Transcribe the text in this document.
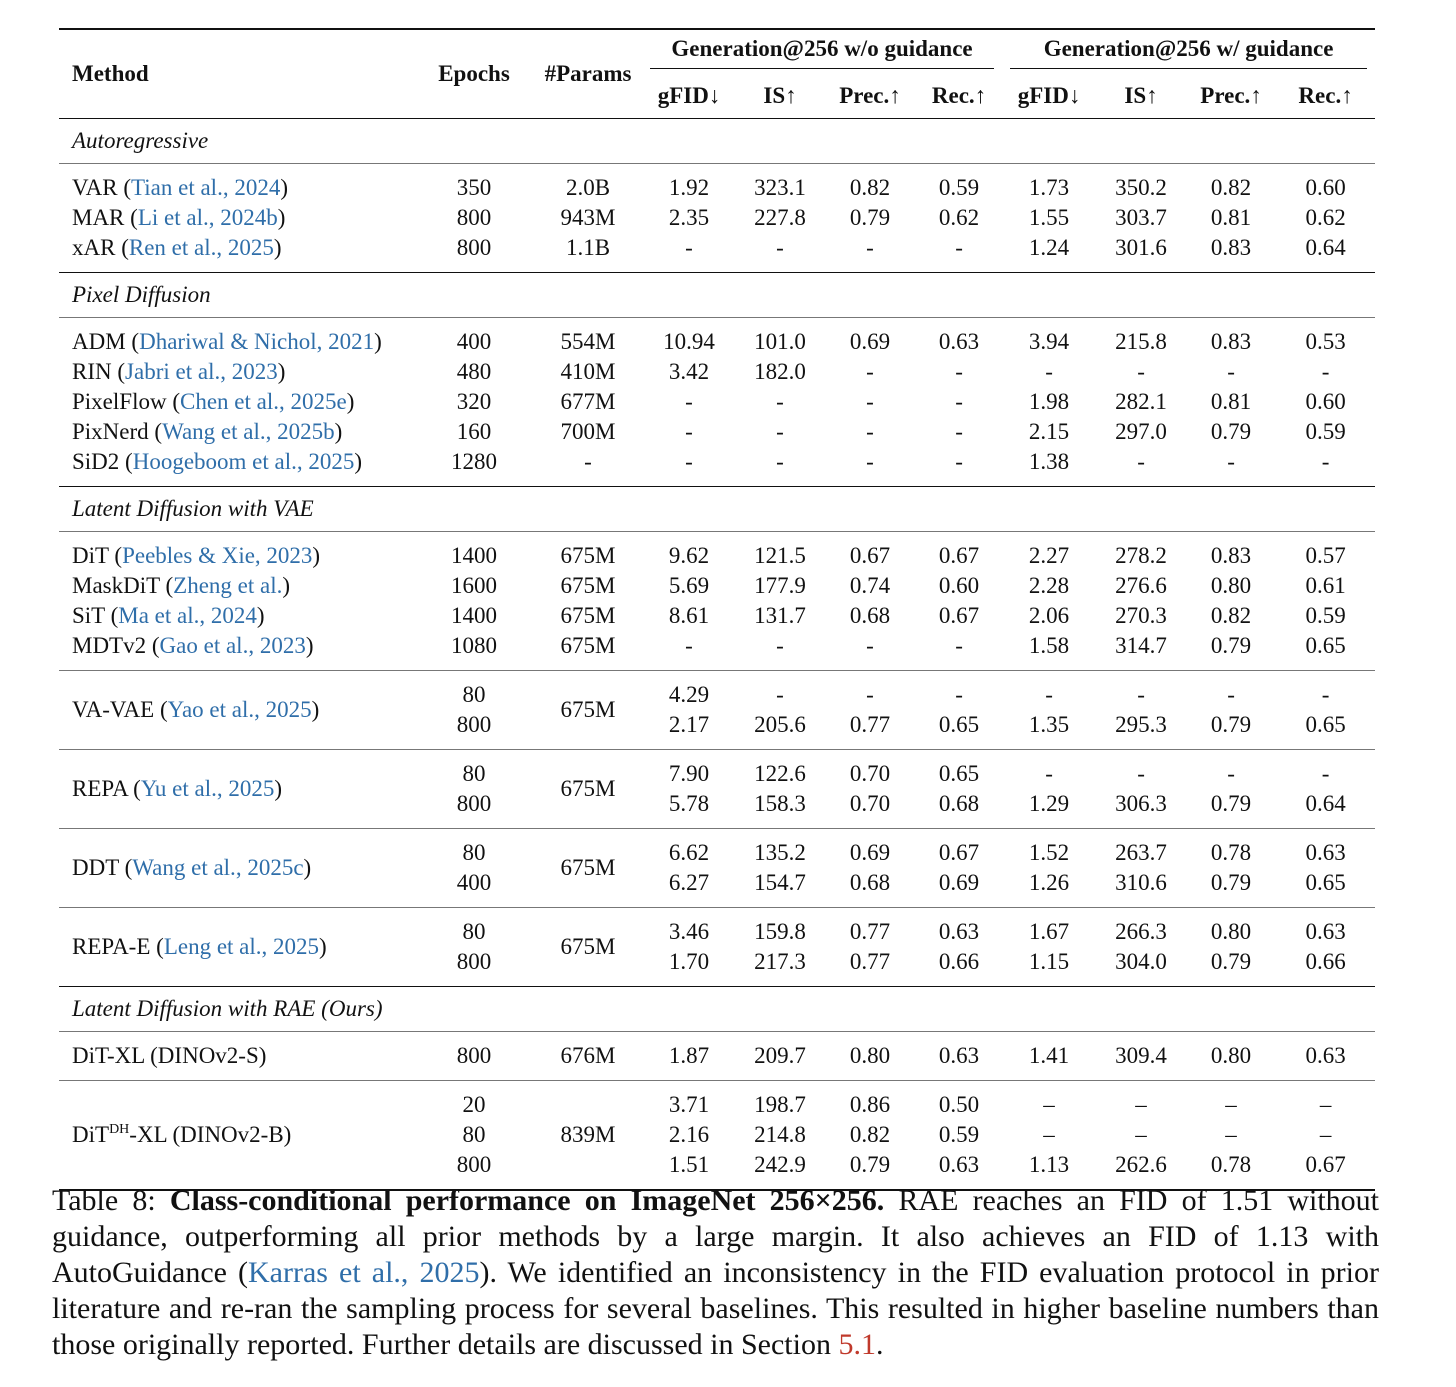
Method	Epochs	#Params	Generation@256 w/o guidance				Generation@256 w/ guidance			

			gFID↓	IS↑	Prec.↑	Rec.↑	gFID↓	IS↑	Prec.↑	Rec.↑
Autoregressive										

VAR (Tian et al., 2024)	350	2.0B	1.92	323.1	0.82	0.59	1.73	350.2	0.82	0.60
MAR (Li et al., 2024b)	800	943M	2.35	227.8	0.79	0.62	1.55	303.7	0.81	0.62
xAR (Ren et al., 2025)	800	1.1B	-	-	-	-	1.24	301.6	0.83	0.64

Pixel Diffusion										

ADM (Dhariwal & Nichol, 2021)	400	554M	10.94	101.0	0.69	0.63	3.94	215.8	0.83	0.53
RIN (Jabri et al., 2023)	480	410M	3.42	182.0	-	-	-	-	-	-
PixelFlow (Chen et al., 2025e)	320	677M	-	-	-	-	1.98	282.1	0.81	0.60
PixNerd (Wang et al., 2025b)	160	700M	-	-	-	-	2.15	297.0	0.79	0.59
SiD2 (Hoogeboom et al., 2025)	1280	-	-	-	-	-	1.38	-	-	-

Latent Diffusion with VAE										

DiT (Peebles & Xie, 2023)	1400	675M	9.62	121.5	0.67	0.67	2.27	278.2	0.83	0.57
MaskDiT (Zheng et al.)	1600	675M	5.69	177.9	0.74	0.60	2.28	276.6	0.80	0.61
SiT (Ma et al., 2024)	1400	675M	8.61	131.7	0.68	0.67	2.06	270.3	0.82	0.59
MDTv2 (Gao et al., 2023)	1080	675M	-	-	-	-	1.58	314.7	0.79	0.65

VA-VAE (Yao et al., 2025)	80	675M	4.29	-	-	-	-	-	-	-
	800		2.17	205.6	0.77	0.65	1.35	295.3	0.79	0.65

REPA (Yu et al., 2025)	80	675M	7.90	122.6	0.70	0.65	-	-	-	-
	800		5.78	158.3	0.70	0.68	1.29	306.3	0.79	0.64

DDT (Wang et al., 2025c)	80	675M	6.62	135.2	0.69	0.67	1.52	263.7	0.78	0.63
	400		6.27	154.7	0.68	0.69	1.26	310.6	0.79	0.65

REPA-E (Leng et al., 2025)	80	675M	3.46	159.8	0.77	0.63	1.67	266.3	0.80	0.63
	800		1.70	217.3	0.77	0.66	1.15	304.0	0.79	0.66

Latent Diffusion with RAE (Ours)										

DiT-XL (DINOv2-S)	800	676M	1.87	209.7	0.80	0.63	1.41	309.4	0.80	0.63

DiT$^{DH}$-XL (DINOv2-B)	20	839M	3.71	198.7	0.86	0.50	–	–	–	–
	80		2.16	214.8	0.82	0.59	–	–	–	–
	800		1.51	242.9	0.79	0.63	1.13	262.6	0.78	0.67

Table 8: Class-conditional performance on ImageNet 256×256. RAE reaches an FID of 1.51 without guidance, outperforming all prior methods by a large margin. It also achieves an FID of 1.13 with AutoGuidance (Karras et al., 2025). We identified an inconsistency in the FID evaluation protocol in prior literature and re-ran the sampling process for several baselines. This resulted in higher baseline numbers than those originally reported. Further details are discussed in Section 5.1.
